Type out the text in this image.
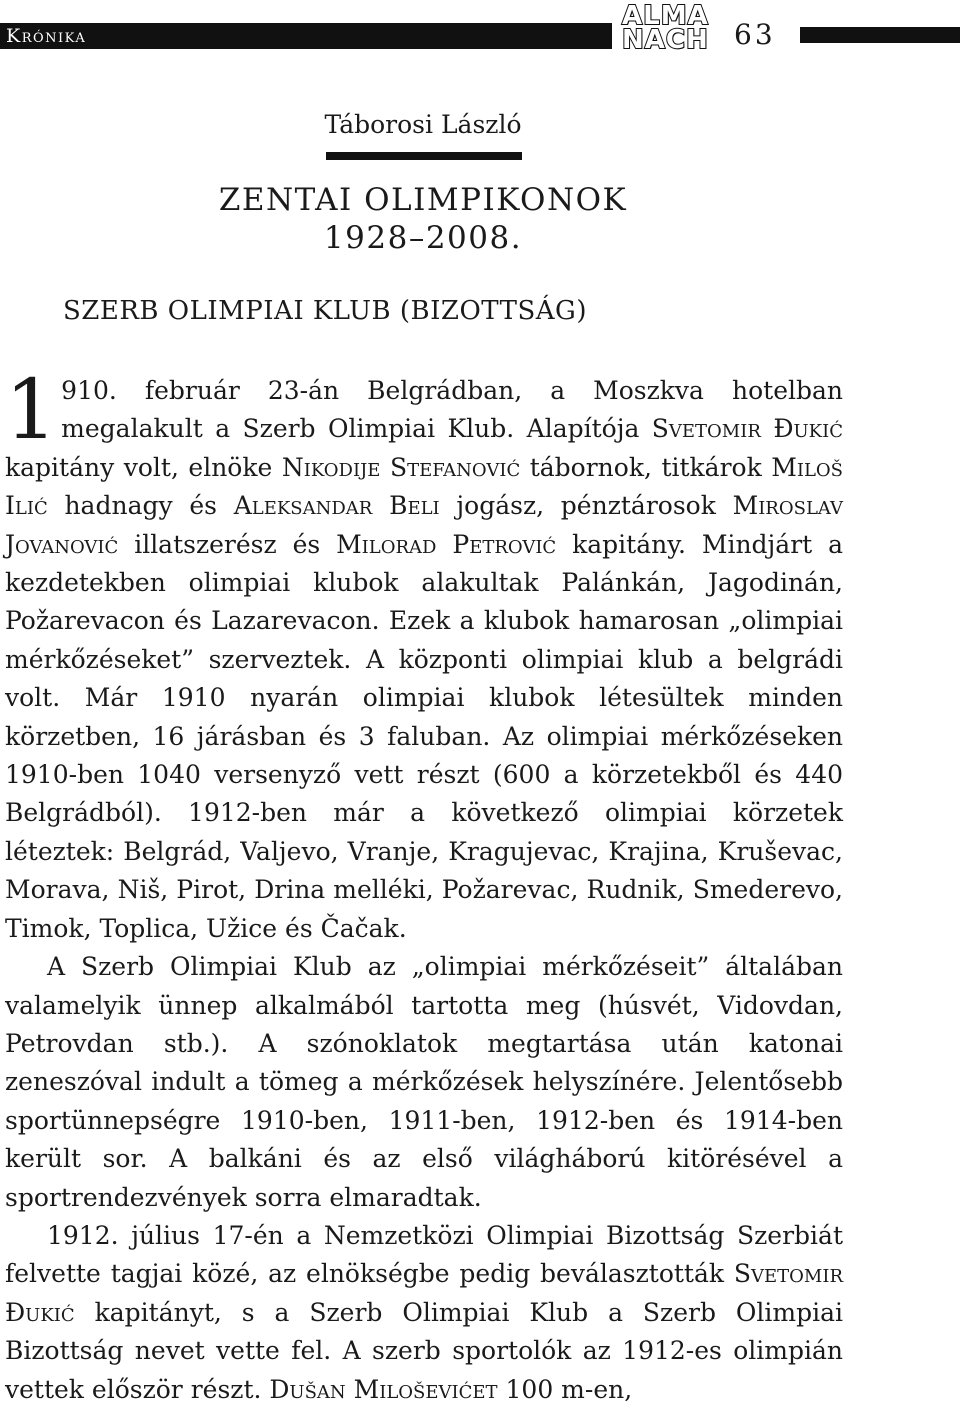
Krónika
ALMA
NACH 63
Táborosi László
ZENTAI OLIMPIKONOK
1928–2008.
SZERB OLIMPIAI KLUB (BIZOTTSÁG)

1 910. február 23-án Belgrádban, a Moszkva hotelban megalakult a Szerb Olimpiai Klub. Alapítója Svetomir Đukić kapitány volt, elnöke Nikodije Stefanović tábornok, titkárok Miloš Ilić hadnagy és Aleksandar Beli jogász, pénztárosok Miroslav Jovanović illatszerész és Milorad Petrović kapitány. Mindjárt a kezdetekben olimpiai klubok alakultak Palánkán, Jagodinán, Požarevacon és Lazarevacon. Ezek a klubok hamarosan „olimpiai mérkőzéseket” szerveztek. A központi olimpiai klub a belgrádi volt. Már 1910 nyarán olimpiai klubok létesültek minden körzetben, 16 járásban és 3 faluban. Az olimpiai mérkőzéseken 1910-ben 1040 versenyző vett részt (600 a körzetekből és 440 Belgrádból). 1912-ben már a következő olimpiai körzetek léteztek: Belgrád, Valjevo, Vranje, Kragujevac, Krajina, Kruševac, Morava, Niš, Pirot, Drina melléki, Požarevac, Rudnik, Smederevo, Timok, Toplica, Užice és Čačak.

A Szerb Olimpiai Klub az „olimpiai mérkőzéseit” általában valamelyik ünnep alkalmából tartotta meg (húsvét, Vidovdan, Petrovdan stb.). A szónoklatok megtartása után katonai zeneszóval indult a tömeg a mérkőzések helyszínére. Jelentősebb sportünnepségre 1910-ben, 1911-ben, 1912-ben és 1914-ben került sor. A balkáni és az első világháború kitörésével a sportrendezvények sorra elmaradtak.

1912. július 17-én a Nemzetközi Olimpiai Bizottság Szerbiát felvette tagjai közé, az elnökségbe pedig beválasztották Svetomir Đukić kapitányt, s a Szerb Olimpiai Klub a Szerb Olimpiai Bizottság nevet vette fel. A szerb sportolók az 1912-es olimpián vettek először részt. Dušan Miloševićet 100 m-en,
